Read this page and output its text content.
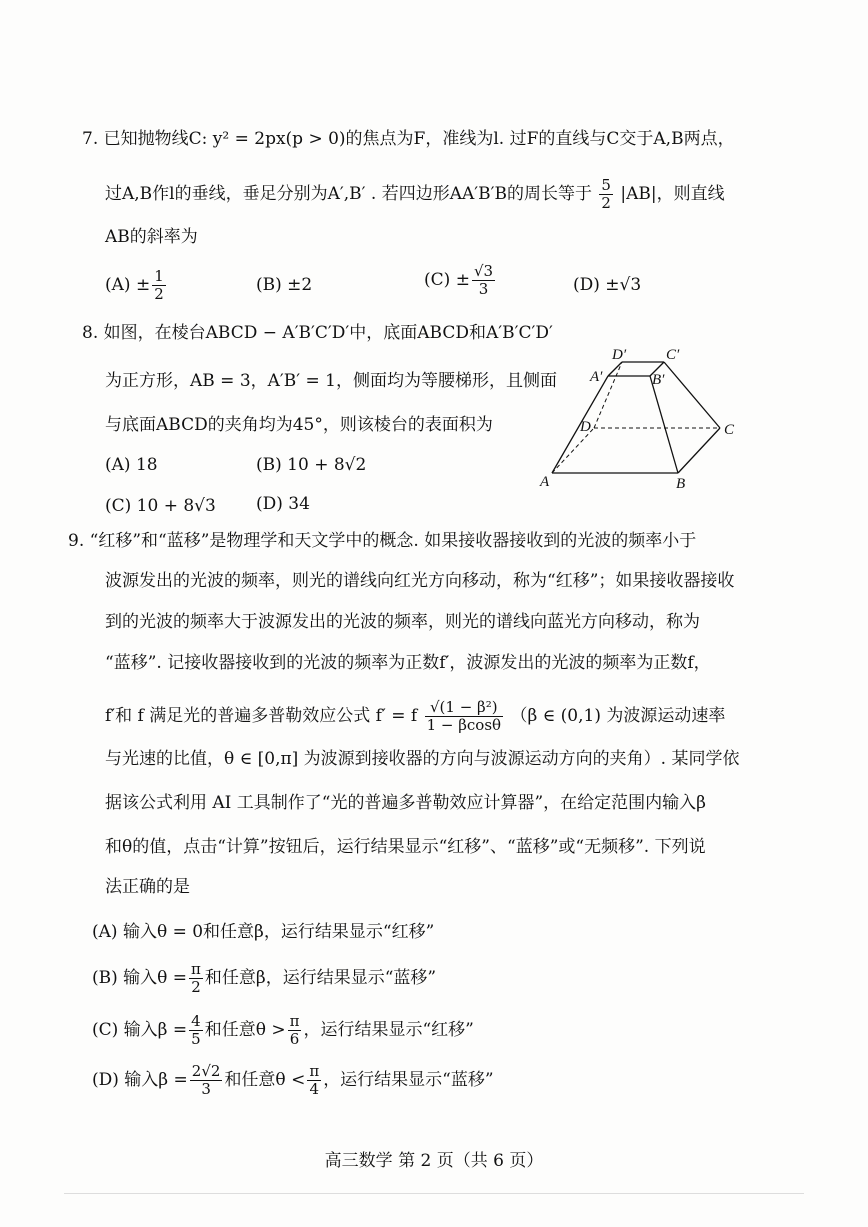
7. 已知抛物线C: y² = 2px(p > 0)的焦点为F，准线为l. 过F的直线与C交于A,B两点，
过A,B作l的垂线，垂足分别为A′,B′ . 若四边形AA′B′B的周长等于 $\frac{5}{2} |AB|$，则直线
AB的斜率为
$(A) \pm \frac{1}{2}$	(B) ±2	$(C) \pm \frac{√3}{3}$	(D) ±√3
8. 如图，在棱台ABCD − A′B′C′D′中，底面ABCD和A′B′C′D′
为正方形，AB = 3，A′B′ = 1，侧面均为等腰梯形，且侧面
与底面ABCD的夹角均为45°，则该棱台的表面积为
(A) 18	(B) 10 + 8√2
(C) 10 + 8√3 (D) 34
A	B
C
D
A′	B′
C′
D′
9. “红移”和“蓝移”是物理学和天文学中的概念. 如果接收器接收到的光波的频率小于
波源发出的光波的频率，则光的谱线向红光方向移动，称为“红移”；如果接收器接收
到的光波的频率大于波源发出的光波的频率，则光的谱线向蓝光方向移动，称为
“蓝移”. 记接收器接收到的光波的频率为正数f′，波源发出的光波的频率为正数f，
f′和 f 满足光的普遍多普勒效应公式 f′ = f $\frac{\text{√(1 − β²)}}{1 - \beta\cos\theta} (\beta$ ∈ (0,1) 为波源运动速率
与光速的比值，θ ∈ [0,π] 为波源到接收器的方向与波源运动方向的夹角）. 某同学依
据该公式利用 AI 工具制作了“光的普遍多普勒效应计算器”，在给定范围内输入β
和θ的值，点击“计算”按钮后，运行结果显示“红移”、“蓝移”或“无频移”. 下列说
法正确的是
(A) 输入θ = 0和任意β，运行结果显示“红移”
(B) 输入$\theta = \frac{\pi}{2}$ 和任意β，运行结果显示“蓝移”
(C) 输入$\beta = \frac{4}{5}$ 和任意$\theta > \frac{\pi}{6}$ ，运行结果显示“红移”
(D) 输入$\beta = \frac{2√2}{3}$ 和任意$\theta < \frac{\pi}{4}$ ，运行结果显示“蓝移”
高三数学 第 2 页（共 6 页）
